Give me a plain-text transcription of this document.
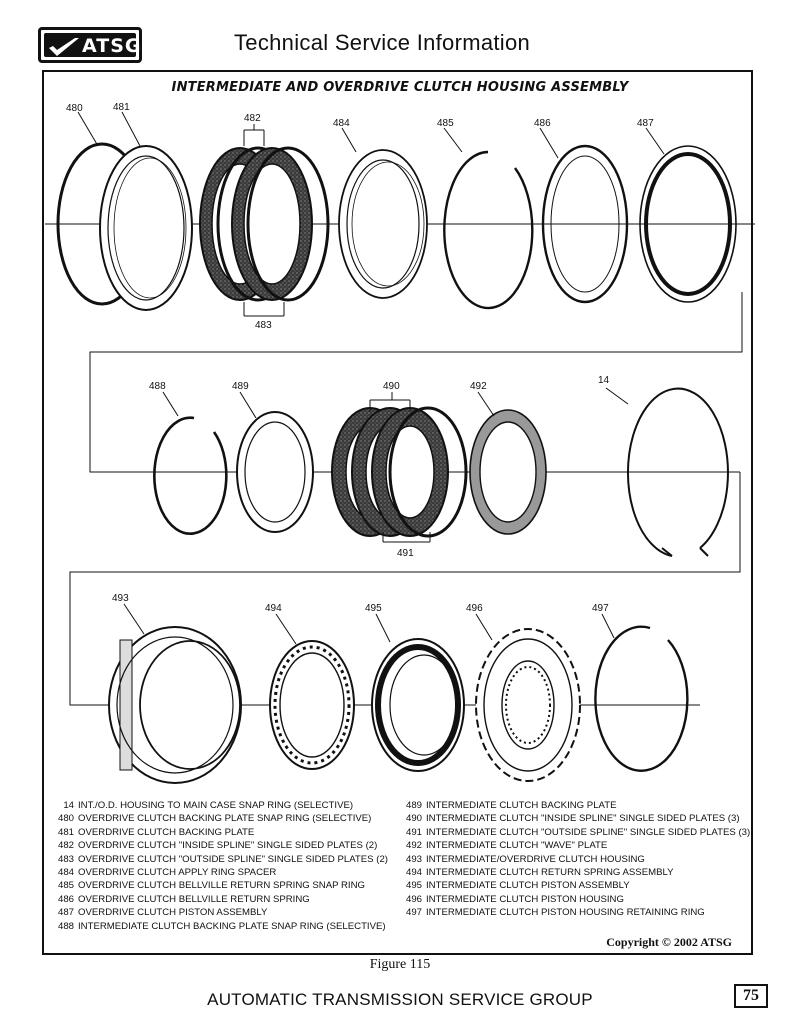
ATSG	Technical Service Information
INTERMEDIATE AND OVERDRIVE CLUTCH HOUSING ASSEMBLY
480	481
482
483
484	485	486	487
488	489	490
491
492
14
493
494	495	496	497
14 INT./O.D. HOUSING TO MAIN CASE SNAP RING (SELECTIVE)
480 OVERDRIVE CLUTCH BACKING PLATE SNAP RING (SELECTIVE)
481 OVERDRIVE CLUTCH BACKING PLATE
482 OVERDRIVE CLUTCH "INSIDE SPLINE" SINGLE SIDED PLATES (2)
483 OVERDRIVE CLUTCH "OUTSIDE SPLINE" SINGLE SIDED PLATES (2)
484 OVERDRIVE CLUTCH APPLY RING SPACER
485 OVERDRIVE CLUTCH BELLVILLE RETURN SPRING SNAP RING
486 OVERDRIVE CLUTCH BELLVILLE RETURN SPRING
487 OVERDRIVE CLUTCH PISTON ASSEMBLY
488 INTERMEDIATE CLUTCH BACKING PLATE SNAP RING (SELECTIVE)
489 INTERMEDIATE CLUTCH BACKING PLATE
490 INTERMEDIATE CLUTCH "INSIDE SPLINE" SINGLE SIDED PLATES (3)
491 INTERMEDIATE CLUTCH "OUTSIDE SPLINE" SINGLE SIDED PLATES (3)
492 INTERMEDIATE CLUTCH "WAVE" PLATE
493 INTERMEDIATE/OVERDRIVE CLUTCH HOUSING
494 INTERMEDIATE CLUTCH RETURN SPRING ASSEMBLY
495 INTERMEDIATE CLUTCH PISTON ASSEMBLY
496 INTERMEDIATE CLUTCH PISTON HOUSING
497 INTERMEDIATE CLUTCH PISTON HOUSING RETAINING RING
Copyright © 2002 ATSG
Figure 115
AUTOMATIC TRANSMISSION SERVICE GROUP	75
